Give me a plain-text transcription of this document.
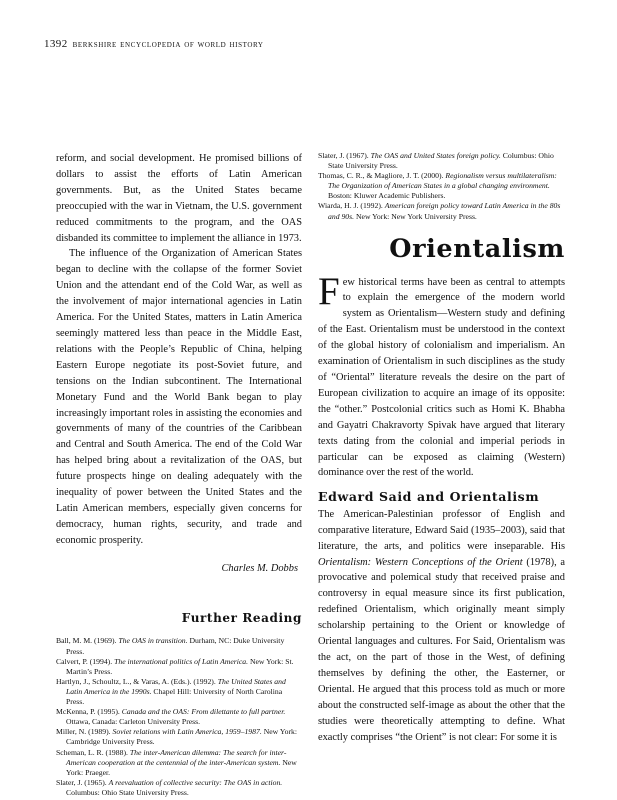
1392 berkshire encyclopedia of world history

reform, and social development. He promised billions of dollars to assist the efforts of Latin American governments. But, as the United States became preoccupied with the war in Vietnam, the U.S. government reduced commitments to the program, and the OAS disbanded its committee to implement the alliance in 1973.

The influence of the Organization of American States began to decline with the collapse of the former Soviet Union and the attendant end of the Cold War, as well as the involvement of major international agencies in Latin America. For the United States, matters in Latin America seemingly mattered less than peace in the Middle East, relations with the People’s Republic of China, helping Eastern Europe negotiate its post-Soviet future, and tensions on the Indian subcontinent. The International Monetary Fund and the World Bank began to play increasingly important roles in assisting the economies and governments of many of the countries of the Caribbean and Central and South America. The end of the Cold War has helped bring about a revitalization of the OAS, but future prospects hinge on dealing adequately with the inequality of power between the United States and the Latin American members, especially given concerns for democracy, human rights, security, and trade and economic prosperity.

Charles M. Dobbs

Further Reading

Ball, M. M. (1969). The OAS in transition. Durham, NC: Duke University Press.

Calvert, P. (1994). The international politics of Latin America. New York: St. Martin’s Press.

Hartlyn, J., Schoultz, L., & Varas, A. (Eds.). (1992). The United States and Latin America in the 1990s. Chapel Hill: University of North Carolina Press.

McKenna, P. (1995). Canada and the OAS: From dilettante to full partner. Ottawa, Canada: Carleton University Press.

Miller, N. (1989). Soviet relations with Latin America, 1959–1987. New York: Cambridge University Press.

Scheman, L. R. (1988). The inter-American dilemma: The search for inter-American cooperation at the centennial of the inter-American system. New York: Praeger.

Slater, J. (1965). A reevaluation of collective security: The OAS in action. Columbus: Ohio State University Press.

Slater, J. (1967). The OAS and United States foreign policy. Columbus: Ohio State University Press.

Thomas, C. R., & Magliore, J. T. (2000). Regionalism versus multilateralism: The Organization of American States in a global changing environment. Boston: Kluwer Academic Publishers.

Wiarda, H. J. (1992). American foreign policy toward Latin America in the 80s and 90s. New York: New York University Press.

Orientalism

Few historical terms have been as central to attempts to explain the emergence of the modern world system as Orientalism—Western study and defining of the East. Orientalism must be understood in the context of the global history of colonialism and imperialism. An examination of Orientalism in such disciplines as the study of “Oriental” literature reveals the desire on the part of European civilization to acquire an image of its opposite: the “other.” Postcolonial critics such as Homi K. Bhabha and Gayatri Chakravorty Spivak have argued that literary texts dating from the colonial and imperial periods in particular can be exposed as claiming (Western) dominance over the rest of the world.

Edward Said and Orientalism

The American-Palestinian professor of English and comparative literature, Edward Said (1935–2003), said that literature, the arts, and politics were inseparable. His Orientalism: Western Conceptions of the Orient (1978), a provocative and polemical study that received praise and controversy in equal measure since its first publication, redefined Orientalism, which originally meant simply scholarship pertaining to the Orient or knowledge of Oriental languages and cultures. For Said, Orientalism was the act, on the part of those in the West, of defining themselves by defining the other, the Easterner, or Oriental. He argued that this process told as much or more about the constructed self-image as about the other that the studies were theoretically attempting to define. What exactly comprises “the Orient” is not clear: For some it is
